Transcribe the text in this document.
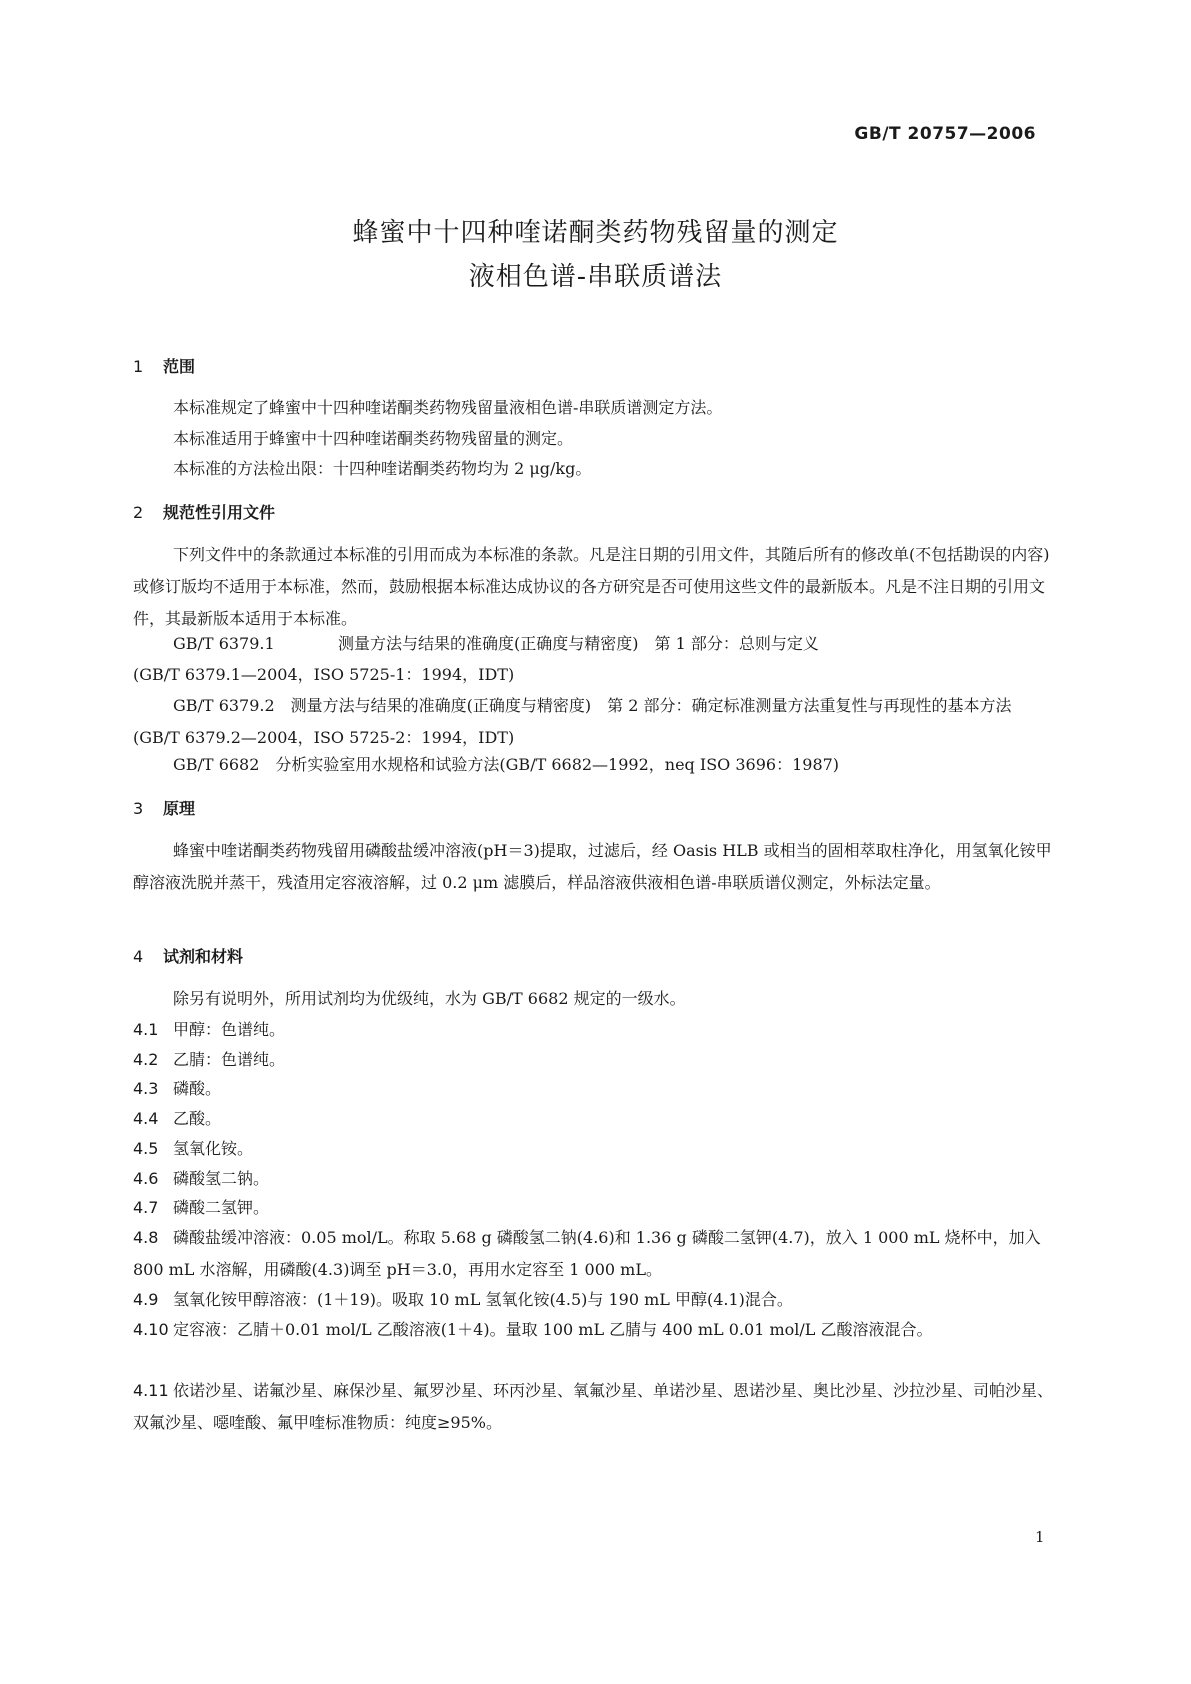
GB/T 20757—2006
蜂蜜中十四种喹诺酮类药物残留量的测定
液相色谱-串联质谱法
1 范围
本标准规定了蜂蜜中十四种喹诺酮类药物残留量液相色谱-串联质谱测定方法。
本标准适用于蜂蜜中十四种喹诺酮类药物残留量的测定。
本标准的方法检出限：十四种喹诺酮类药物均为 2 μg/kg。
2 规范性引用文件
下列文件中的条款通过本标准的引用而成为本标准的条款。凡是注日期的引用文件，其随后所有的修改单(不包括勘误的内容)或修订版均不适用于本标准，然而，鼓励根据本标准达成协议的各方研究是否可使用这些文件的最新版本。凡是不注日期的引用文件，其最新版本适用于本标准。
GB/T 6379.1	测量方法与结果的准确度(正确度与精密度)　第 1 部分：总则与定义
(GB/T 6379.1—2004，ISO 5725-1：1994，IDT)
GB/T 6379.2　测量方法与结果的准确度(正确度与精密度)　第 2 部分：确定标准测量方法重复性与再现性的基本方法(GB/T 6379.2—2004，ISO 5725-2：1994，IDT)
GB/T 6682　分析实验室用水规格和试验方法(GB/T 6682—1992，neq ISO 3696：1987)
3 原理
蜂蜜中喹诺酮类药物残留用磷酸盐缓冲溶液(pH＝3)提取，过滤后，经 Oasis HLB 或相当的固相萃取柱净化，用氢氧化铵甲醇溶液洗脱并蒸干，残渣用定容液溶解，过 0.2 μm 滤膜后，样品溶液供液相色谱-串联质谱仪测定，外标法定量。
4 试剂和材料
除另有说明外，所用试剂均为优级纯，水为 GB/T 6682 规定的一级水。
4.1 甲醇：色谱纯。
4.2 乙腈：色谱纯。
4.3 磷酸。
4.4 乙酸。
4.5 氢氧化铵。
4.6 磷酸氢二钠。
4.7 磷酸二氢钾。
4.8 磷酸盐缓冲溶液：0.05 mol/L。称取 5.68 g 磷酸氢二钠(4.6)和 1.36 g 磷酸二氢钾(4.7)，放入 1 000 mL 烧杯中，加入 800 mL 水溶解，用磷酸(4.3)调至 pH＝3.0，再用水定容至 1 000 mL。
4.9 氢氧化铵甲醇溶液：(1＋19)。吸取 10 mL 氢氧化铵(4.5)与 190 mL 甲醇(4.1)混合。
4.10 定容液：乙腈＋0.01 mol/L 乙酸溶液(1＋4)。量取 100 mL 乙腈与 400 mL 0.01 mol/L 乙酸溶液混合。
4.11 依诺沙星、诺氟沙星、麻保沙星、氟罗沙星、环丙沙星、氧氟沙星、单诺沙星、恩诺沙星、奥比沙星、沙拉沙星、司帕沙星、双氟沙星、噁喹酸、氟甲喹标准物质：纯度≥95%。
1
